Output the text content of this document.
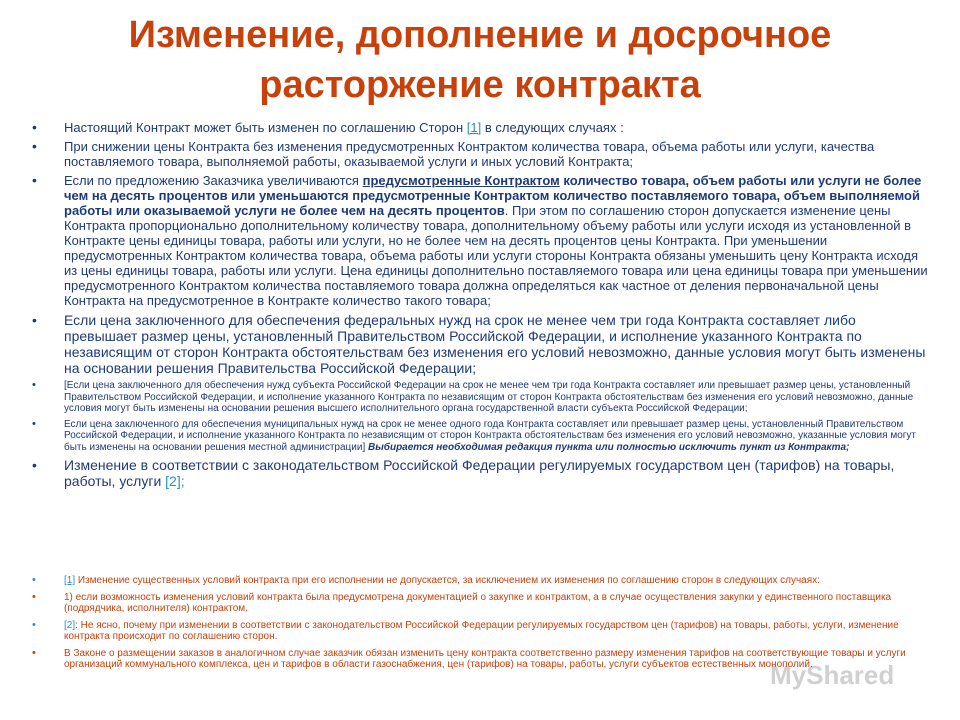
Изменение, дополнение и досрочное расторжение контракта
• Настоящий Контракт может быть изменен по соглашению Сторон [1] в следующих случаях :
• При снижении цены Контракта без изменения предусмотренных Контрактом количества товара, объема работы или услуги, качества поставляемого товара, выполняемой работы, оказываемой услуги и иных условий Контракта;
• Если по предложению Заказчика увеличиваются предусмотренные Контрактом количество товара, объем работы или услуги не более чем на десять процентов или уменьшаются предусмотренные Контрактом количество поставляемого товара, объем выполняемой работы или оказываемой услуги не более чем на десять процентов. При этом по соглашению сторон допускается изменение цены Контракта пропорционально дополнительному количеству товара, дополнительному объему работы или услуги исходя из установленной в Контракте цены единицы товара, работы или услуги, но не более чем на десять процентов цены Контракта. При уменьшении предусмотренных Контрактом количества товара, объема работы или услуги стороны Контракта обязаны уменьшить цену Контракта исходя из цены единицы товара, работы или услуги. Цена единицы дополнительно поставляемого товара или цена единицы товара при уменьшении предусмотренного Контрактом количества поставляемого товара должна определяться как частное от деления первоначальной цены Контракта на предусмотренное в Контракте количество такого товара;
• Если цена заключенного для обеспечения федеральных нужд на срок не менее чем три года Контракта составляет либо превышает размер цены, установленный Правительством Российской Федерации, и исполнение указанного Контракта по независящим от сторон Контракта обстоятельствам без изменения его условий невозможно, данные условия могут быть изменены на основании решения Правительства Российской Федерации;
• [Если цена заключенного для обеспечения нужд субъекта Российской Федерации на срок не менее чем три года Контракта составляет или превышает размер цены, установленный Правительством Российской Федерации, и исполнение указанного Контракта по независящим от сторон Контракта обстоятельствам без изменения его условий невозможно, данные условия могут быть изменены на основании решения высшего исполнительного органа государственной власти субъекта Российской Федерации;
• Если цена заключенного для обеспечения муниципальных нужд на срок не менее одного года Контракта составляет или превышает размер цены, установленный Правительством Российской Федерации, и исполнение указанного Контракта по независящим от сторон Контракта обстоятельствам без изменения его условий невозможно, указанные условия могут быть изменены на основании решения местной администрации] Выбирается необходимая редакция пункта или полностью исключить пункт из Контракта;
• Изменение в соответствии с законодательством Российской Федерации регулируемых государством цен (тарифов) на товары, работы, услуги [2];
• [1] Изменение существенных условий контракта при его исполнении не допускается, за исключением их изменения по соглашению сторон в следующих случаях:
• 1) если возможность изменения условий контракта была предусмотрена документацией о закупке и контрактом, а в случае осуществления закупки у единственного поставщика (подрядчика, исполнителя) контрактом.
• [2]: Не ясно, почему при изменении в соответствии с законодательством Российской Федерации регулируемых государством цен (тарифов) на товары, работы, услуги, изменение контракта происходит по соглашению сторон.
• В Законе о размещении заказов в аналогичном случае заказчик обязан изменить цену контракта соответственно размеру изменения тарифов на соответствующие товары и услуги организаций коммунального комплекса, цен и тарифов в области газоснабжения, цен (тарифов) на товары, работы, услуги субъектов естественных монополий.
MyShared
